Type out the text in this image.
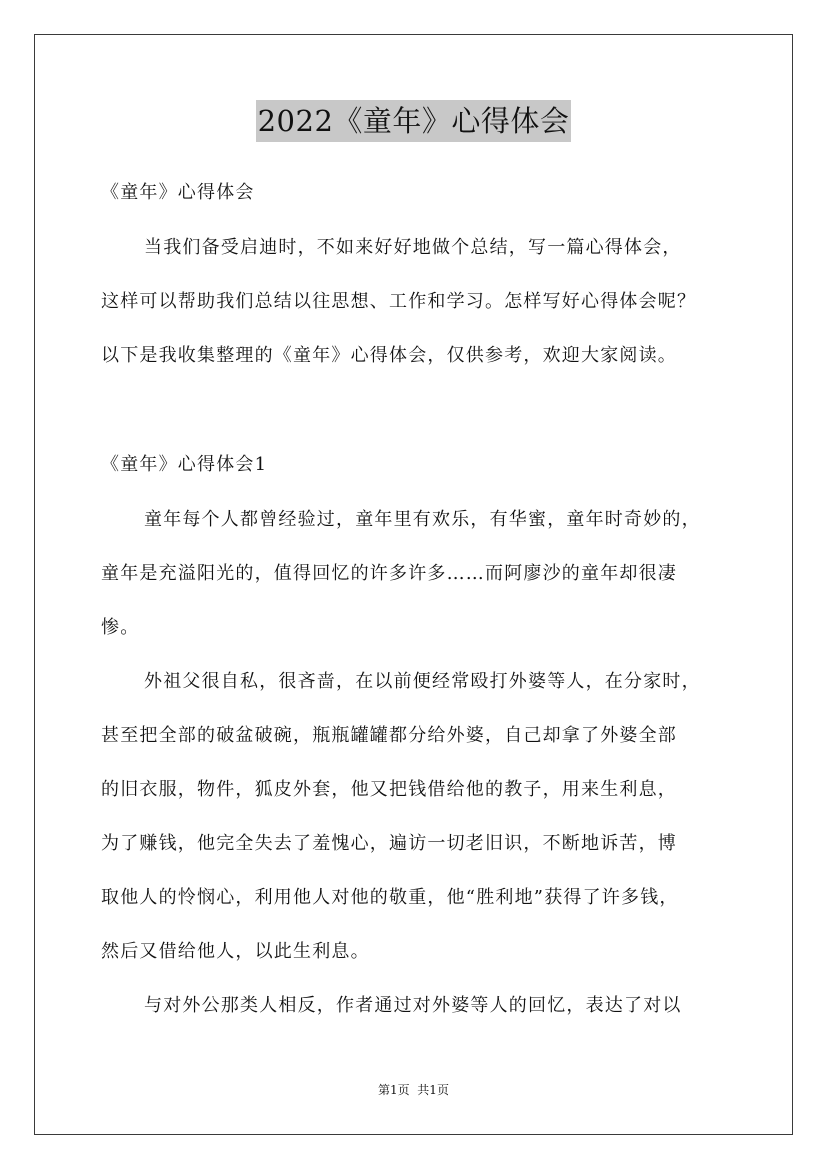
2022《童年》心得体会

《童年》心得体会

当我们备受启迪时，不如来好好地做个总结，写一篇心得体会，

这样可以帮助我们总结以往思想、工作和学习。怎样写好心得体会呢？

以下是我收集整理的《童年》心得体会，仅供参考，欢迎大家阅读。

《童年》心得体会1

童年每个人都曾经验过，童年里有欢乐，有华蜜，童年时奇妙的，

童年是充溢阳光的，值得回忆的许多许多……而阿廖沙的童年却很凄

惨。

外祖父很自私，很吝啬，在以前便经常殴打外婆等人，在分家时，

甚至把全部的破盆破碗，瓶瓶罐罐都分给外婆，自己却拿了外婆全部

的旧衣服，物件，狐皮外套，他又把钱借给他的教子，用来生利息，

为了赚钱，他完全失去了羞愧心，遍访一切老旧识，不断地诉苦，博

取他人的怜悯心，利用他人对他的敬重，他“胜利地”获得了许多钱，

然后又借给他人，以此生利息。

与对外公那类人相反，作者通过对外婆等人的回忆，表达了对以

第1页  共1页
